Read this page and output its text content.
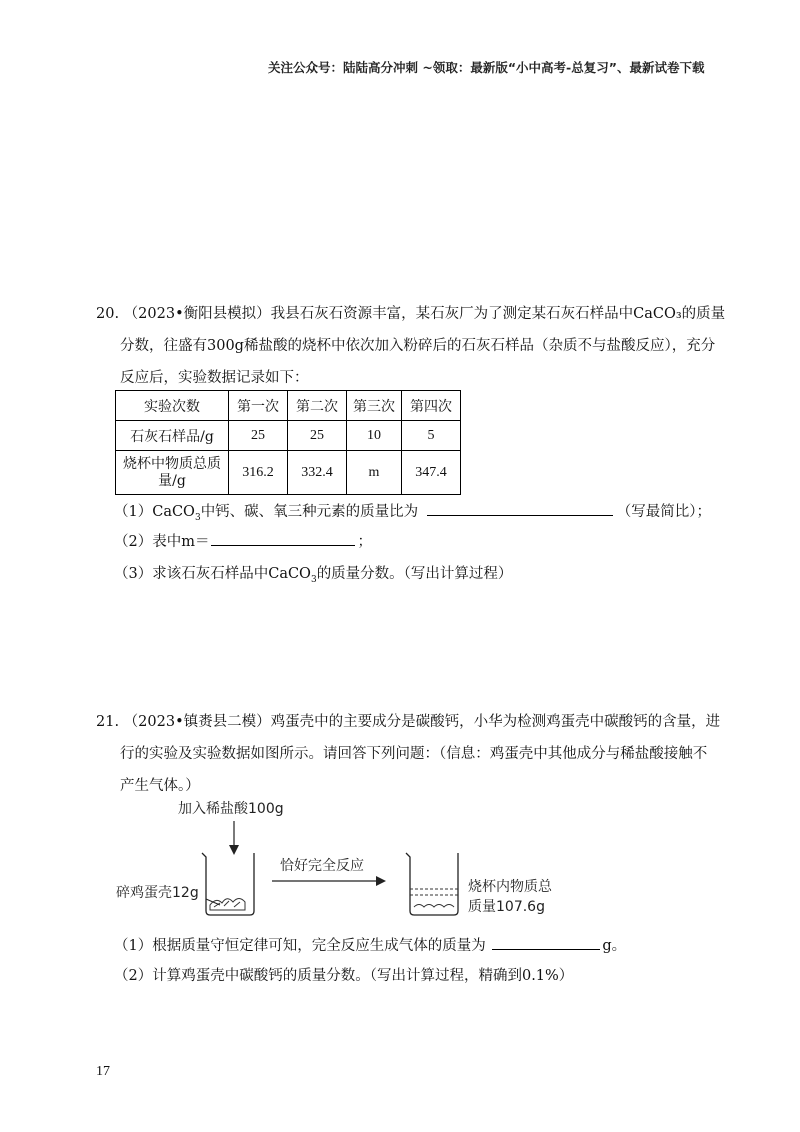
关注公众号：陆陆高分冲刺 ~领取：最新版“小中高考-总复习”、最新试卷下载
20. （2023•衡阳县模拟）我县石灰石资源丰富，某石灰厂为了测定某石灰石样品中CaCO₃的质量
分数，往盛有300g稀盐酸的烧杯中依次加入粉碎后的石灰石样品（杂质不与盐酸反应），充分
反应后，实验数据记录如下：
实验次数	第一次	第二次	第三次	第四次
石灰石样品/g	25	25	10	5
烧杯中物质总质
量/g	316.2	332.4	m	347.4
（1）CaCO$_3$中钙、碳、氧三种元素的质量比为	（写最简比）；
（2）表中m＝	；
（3）求该石灰石样品中CaCO$_3$的质量分数。（写出计算过程）
21. （2023•镇赉县二模）鸡蛋壳中的主要成分是碳酸钙，小华为检测鸡蛋壳中碳酸钙的含量，进
行的实验及实验数据如图所示。请回答下列问题：（信息：鸡蛋壳中其他成分与稀盐酸接触不
产生气体。）
加入稀盐酸100g
碎鸡蛋壳12g
恰好完全反应
烧杯内物质总
质量107.6g
（1）根据质量守恒定律可知，完全反应生成气体的质量为	g。
（2）计算鸡蛋壳中碳酸钙的质量分数。（写出计算过程，精确到0.1%）
17
